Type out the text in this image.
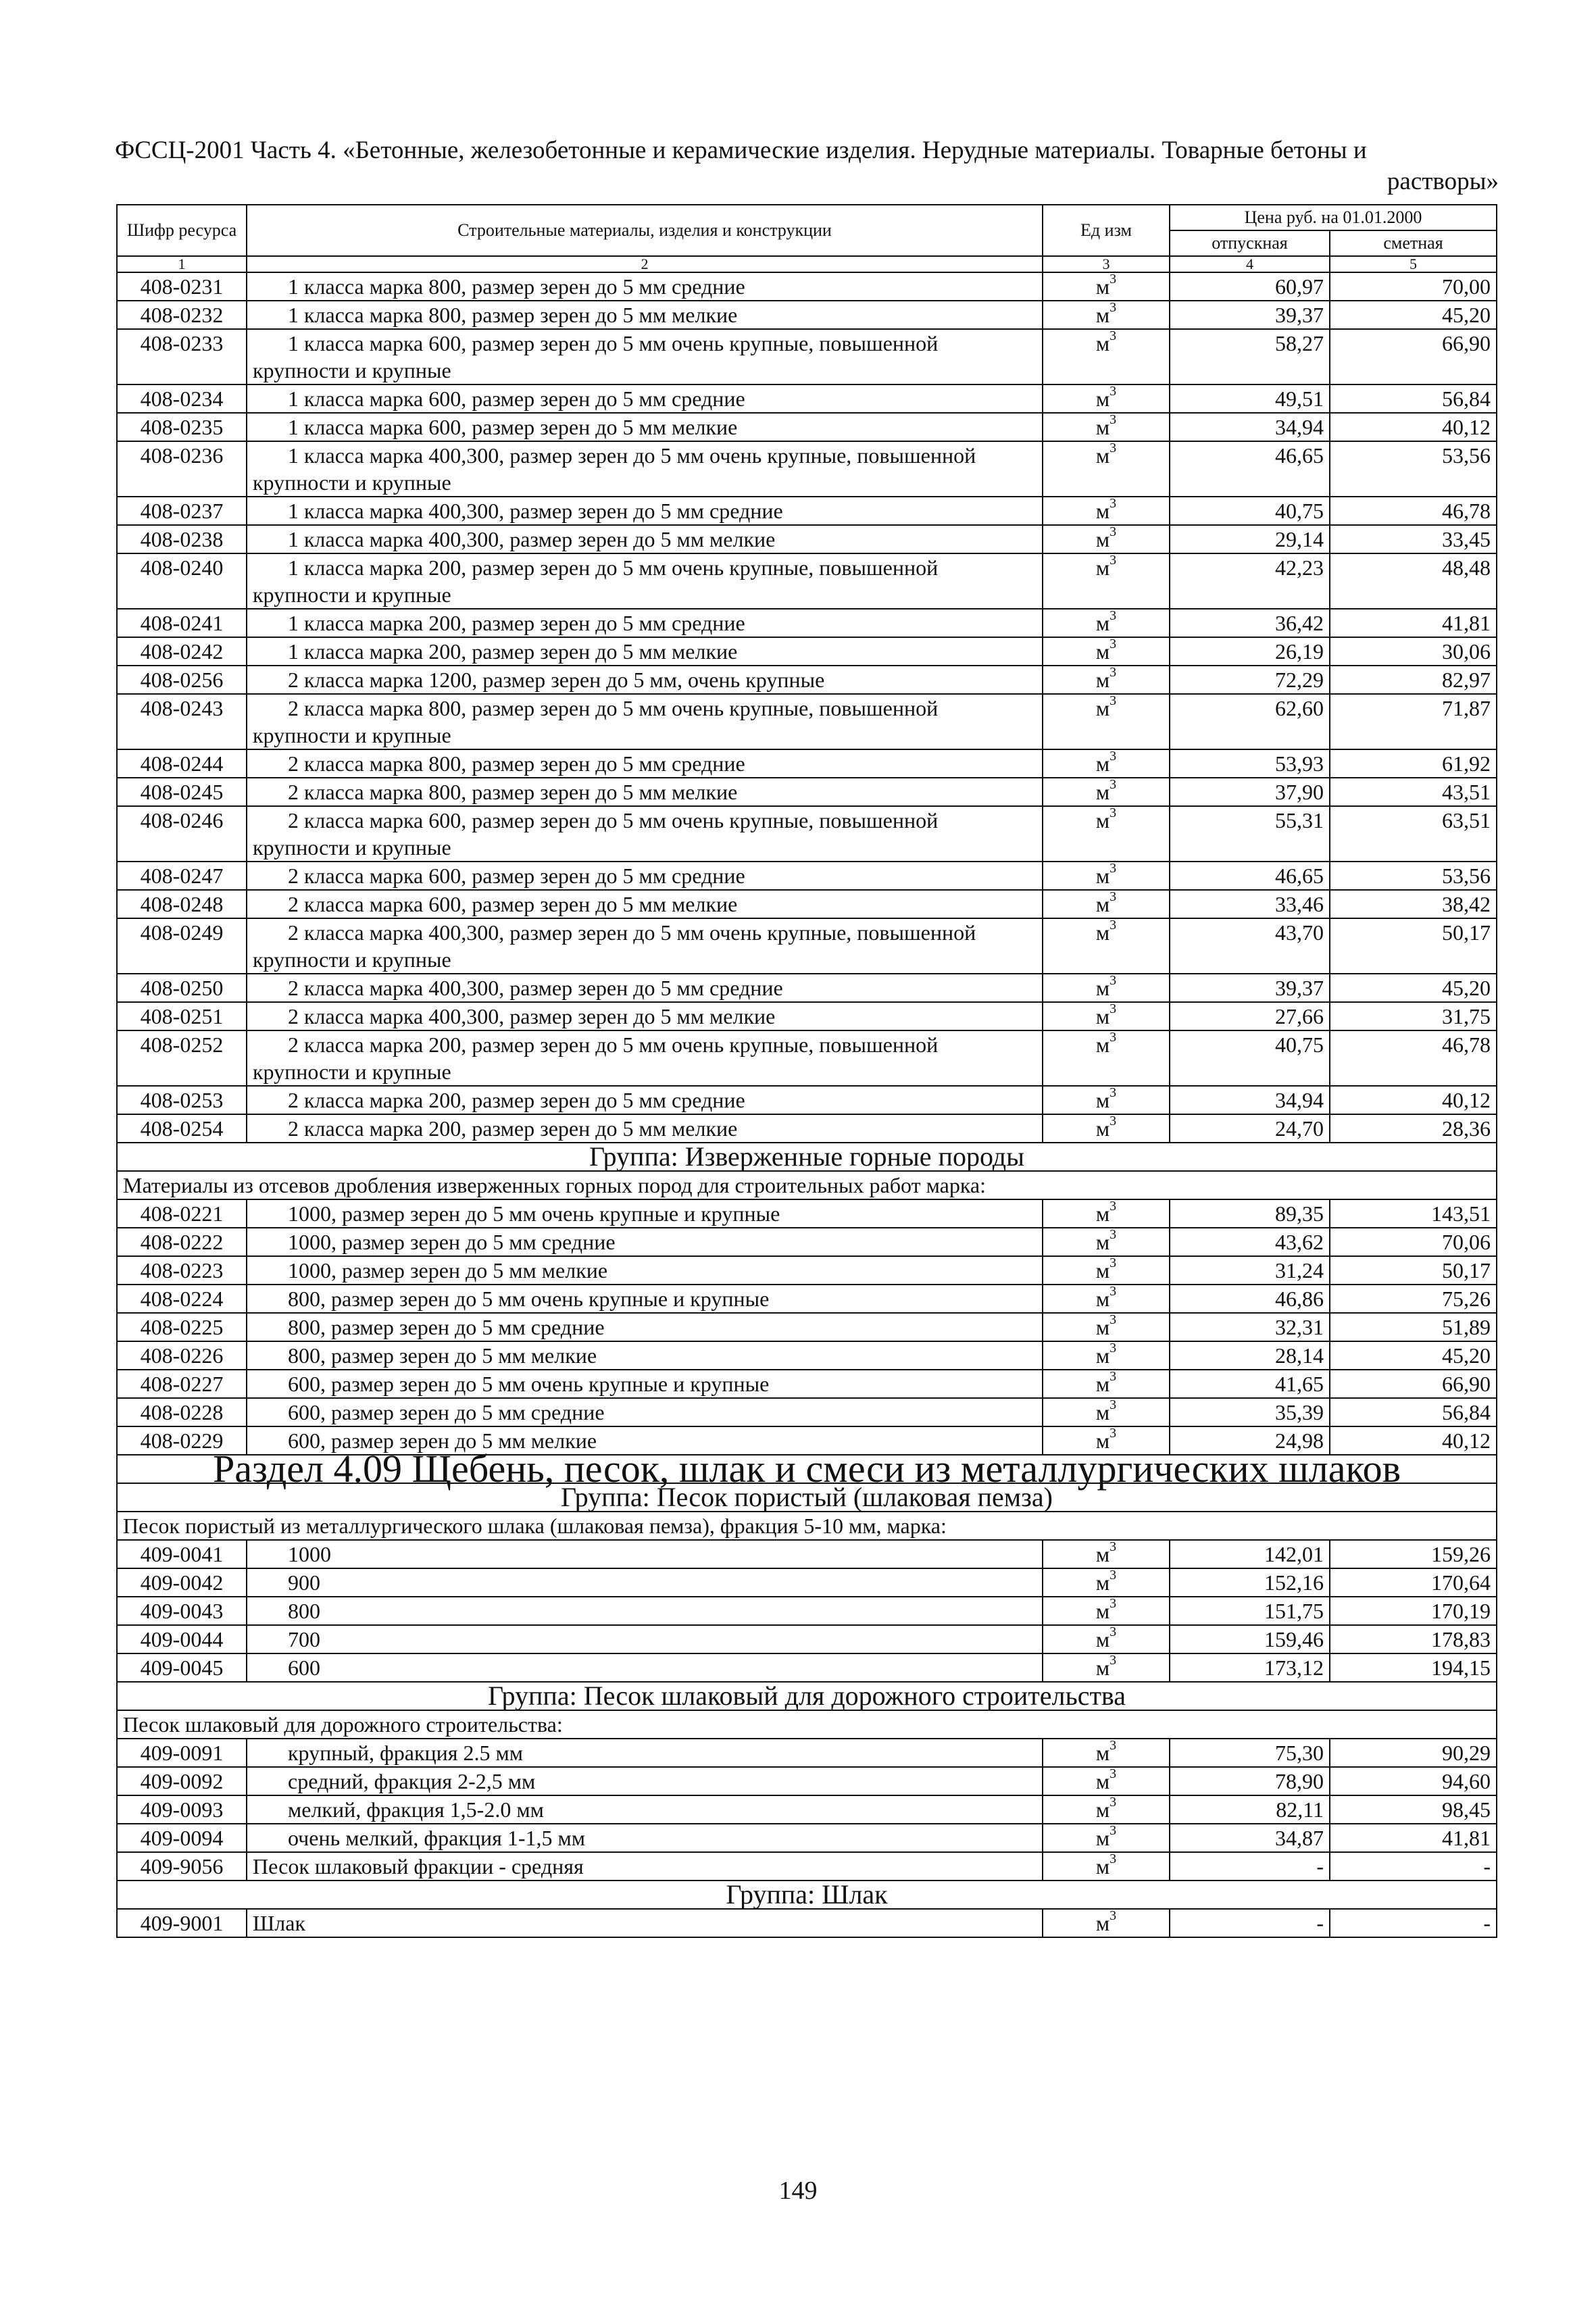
ФССЦ-2001 Часть 4. «Бетонные, железобетонные и керамические изделия. Нерудные материалы. Товарные бетоны и
растворы»
Шифр ресурса	Строительные материалы, изделия и конструкции	Ед изм	Цена руб. на 01.01.2000	
			отпускная	сметная
1	2	3	4	5
408-0231	1 класса марка 800, размер зерен до 5 мм средние	$м^3$	60,97	70,00
408-0232	1 класса марка 800, размер зерен до 5 мм мелкие	$м^3$	39,37	45,20
408-0233	1 класса марка 600, размер зерен до 5 мм очень крупные, повышенной крупности и крупные	$м^3$	58,27	66,90
408-0234	1 класса марка 600, размер зерен до 5 мм средние	$м^3$	49,51	56,84
408-0235	1 класса марка 600, размер зерен до 5 мм мелкие	$м^3$	34,94	40,12
408-0236	1 класса марка 400,300, размер зерен до 5 мм очень крупные, повышенной крупности и крупные	$м^3$	46,65	53,56
408-0237	1 класса марка 400,300, размер зерен до 5 мм средние	$м^3$	40,75	46,78
408-0238	1 класса марка 400,300, размер зерен до 5 мм мелкие	$м^3$	29,14	33,45
408-0240	1 класса марка 200, размер зерен до 5 мм очень крупные, повышенной крупности и крупные	$м^3$	42,23	48,48
408-0241	1 класса марка 200, размер зерен до 5 мм средние	$м^3$	36,42	41,81
408-0242	1 класса марка 200, размер зерен до 5 мм мелкие	$м^3$	26,19	30,06
408-0256	2 класса марка 1200, размер зерен до 5 мм, очень крупные	$м^3$	72,29	82,97
408-0243	2 класса марка 800, размер зерен до 5 мм очень крупные, повышенной крупности и крупные	$м^3$	62,60	71,87
408-0244	2 класса марка 800, размер зерен до 5 мм средние	$м^3$	53,93	61,92
408-0245	2 класса марка 800, размер зерен до 5 мм мелкие	$м^3$	37,90	43,51
408-0246	2 класса марка 600, размер зерен до 5 мм очень крупные, повышенной крупности и крупные	$м^3$	55,31	63,51
408-0247	2 класса марка 600, размер зерен до 5 мм средние	$м^3$	46,65	53,56
408-0248	2 класса марка 600, размер зерен до 5 мм мелкие	$м^3$	33,46	38,42
408-0249	2 класса марка 400,300, размер зерен до 5 мм очень крупные, повышенной крупности и крупные	$м^3$	43,70	50,17
408-0250	2 класса марка 400,300, размер зерен до 5 мм средние	$м^3$	39,37	45,20
408-0251	2 класса марка 400,300, размер зерен до 5 мм мелкие	$м^3$	27,66	31,75
408-0252	2 класса марка 200, размер зерен до 5 мм очень крупные, повышенной крупности и крупные	$м^3$	40,75	46,78
408-0253	2 класса марка 200, размер зерен до 5 мм средние	$м^3$	34,94	40,12
408-0254	2 класса марка 200, размер зерен до 5 мм мелкие	$м^3$	24,70	28,36
Группа: Изверженные горные породы				
Материалы из отсевов дробления изверженных горных пород для строительных работ марка:				
408-0221	1000, размер зерен до 5 мм очень крупные и крупные	$м^3$	89,35	143,51
408-0222	1000, размер зерен до 5 мм средние	$м^3$	43,62	70,06
408-0223	1000, размер зерен до 5 мм мелкие	$м^3$	31,24	50,17
408-0224	800, размер зерен до 5 мм очень крупные и крупные	$м^3$	46,86	75,26
408-0225	800, размер зерен до 5 мм средние	$м^3$	32,31	51,89
408-0226	800, размер зерен до 5 мм мелкие	$м^3$	28,14	45,20
408-0227	600, размер зерен до 5 мм очень крупные и крупные	$м^3$	41,65	66,90
408-0228	600, размер зерен до 5 мм средние	$м^3$	35,39	56,84
408-0229	600, размер зерен до 5 мм мелкие	$м^3$	24,98	40,12
Раздел 4.09 Щебень, песок, шлак и смеси из металлургических шлаков				
Группа: Песок пористый (шлаковая пемза)				
Песок пористый из металлургического шлака (шлаковая пемза), фракция 5-10 мм, марка:				
409-0041	1000	$м^3$	142,01	159,26
409-0042	900	$м^3$	152,16	170,64
409-0043	800	$м^3$	151,75	170,19
409-0044	700	$м^3$	159,46	178,83
409-0045	600	$м^3$	173,12	194,15
Группа: Песок шлаковый для дорожного строительства				
Песок шлаковый для дорожного строительства:				
409-0091	крупный, фракция 2.5 мм	$м^3$	75,30	90,29
409-0092	средний, фракция 2-2,5 мм	$м^3$	78,90	94,60
409-0093	мелкий, фракция 1,5-2.0 мм	$м^3$	82,11	98,45
409-0094	очень мелкий, фракция 1-1,5 мм	$м^3$	34,87	41,81
409-9056	Песок шлаковый фракции - средняя	$м^3$	-	-
Группа: Шлак				
409-9001	Шлак	$м^3$	-	-
149
